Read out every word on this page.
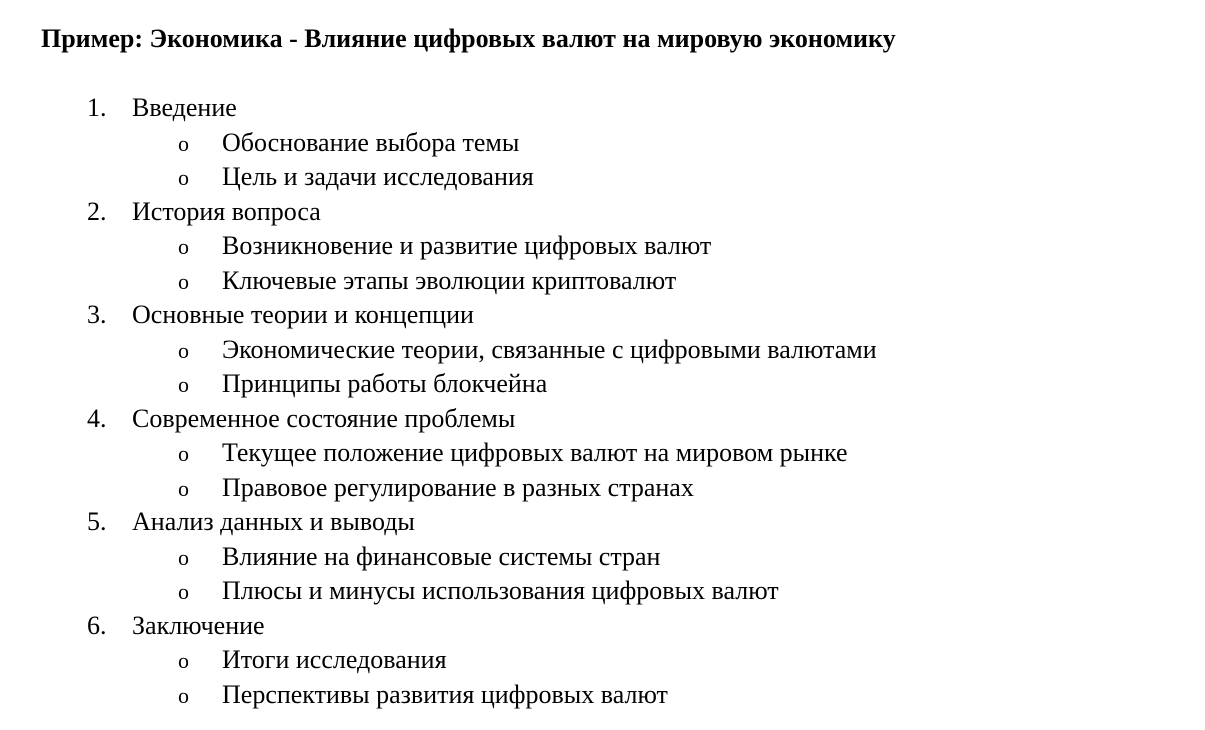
Пример: Экономика - Влияние цифровых валют на мировую экономику
1. Введение
o Обоснование выбора темы
o Цель и задачи исследования
2. История вопроса
o Возникновение и развитие цифровых валют
o Ключевые этапы эволюции криптовалют
3. Основные теории и концепции
o Экономические теории, связанные с цифровыми валютами
o Принципы работы блокчейна
4. Современное состояние проблемы
o Текущее положение цифровых валют на мировом рынке
o Правовое регулирование в разных странах
5. Анализ данных и выводы
o Влияние на финансовые системы стран
o Плюсы и минусы использования цифровых валют
6. Заключение
o Итоги исследования
o Перспективы развития цифровых валют
